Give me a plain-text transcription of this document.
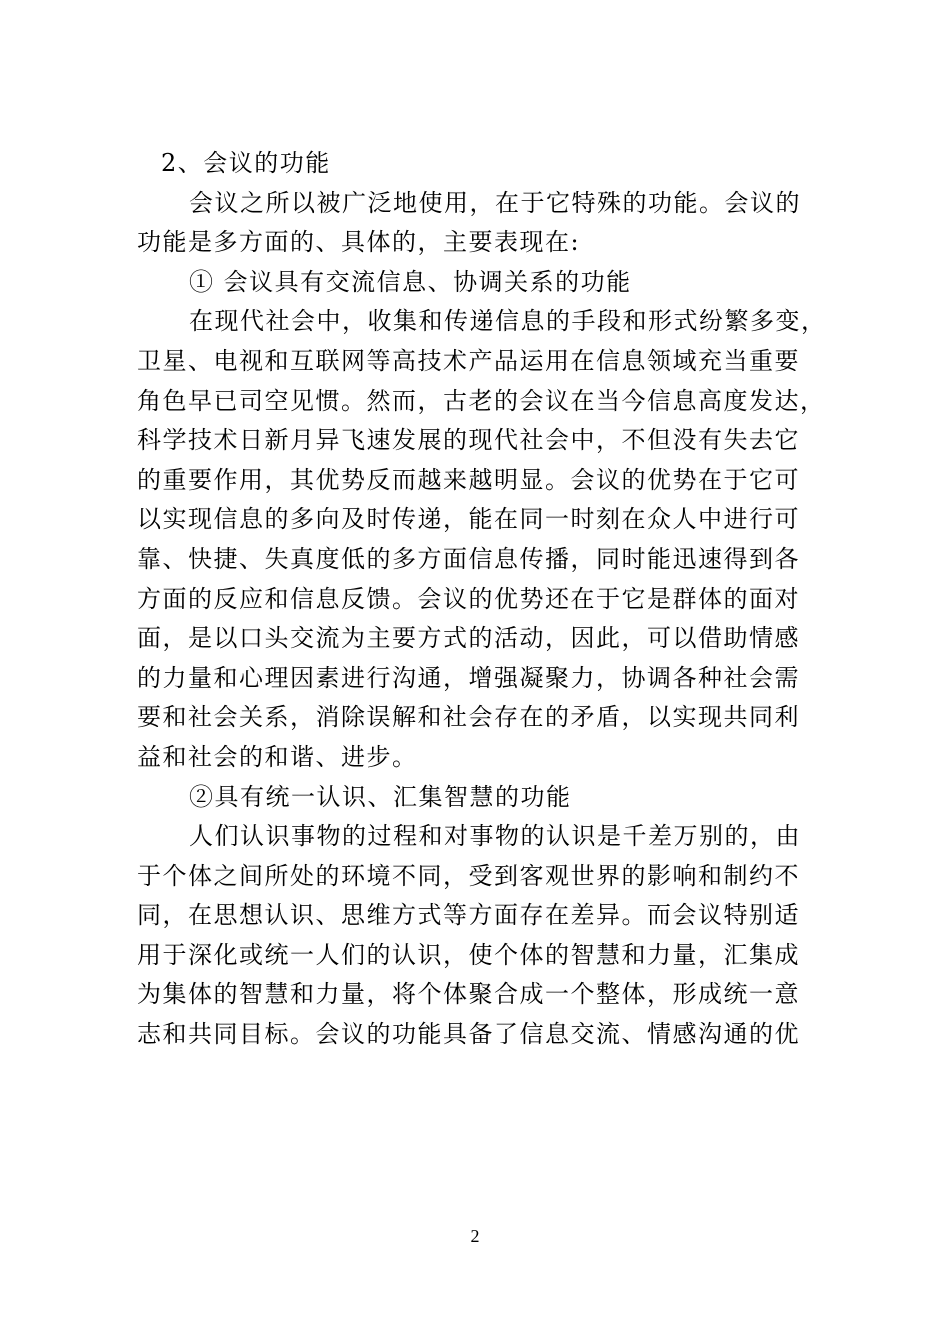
2、会议的功能
会议之所以被广泛地使用，在于它特殊的功能。会议的
功能是多方面的、具体的，主要表现在:
① 会议具有交流信息、协调关系的功能
在现代社会中，收集和传递信息的手段和形式纷繁多变，
卫星、电视和互联网等高技术产品运用在信息领域充当重要
角色早已司空见惯。然而，古老的会议在当今信息高度发达，
科学技术日新月异飞速发展的现代社会中，不但没有失去它
的重要作用，其优势反而越来越明显。会议的优势在于它可
以实现信息的多向及时传递，能在同一时刻在众人中进行可
靠、快捷、失真度低的多方面信息传播，同时能迅速得到各
方面的反应和信息反馈。会议的优势还在于它是群体的面对
面，是以口头交流为主要方式的活动，因此，可以借助情感
的力量和心理因素进行沟通，增强凝聚力，协调各种社会需
要和社会关系，消除误解和社会存在的矛盾，以实现共同利
益和社会的和谐、进步。
②具有统一认识、汇集智慧的功能
人们认识事物的过程和对事物的认识是千差万别的，由
于个体之间所处的环境不同，受到客观世界的影响和制约不
同，在思想认识、思维方式等方面存在差异。而会议特别适
用于深化或统一人们的认识，使个体的智慧和力量，汇集成
为集体的智慧和力量，将个体聚合成一个整体，形成统一意
志和共同目标。会议的功能具备了信息交流、情感沟通的优
2
